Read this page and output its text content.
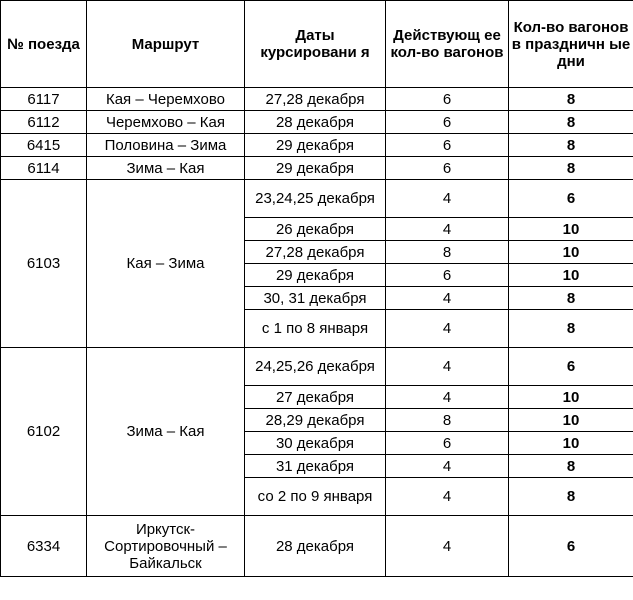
№ поезда	Маршрут	Даты курсировани я	Действующ ее кол-во вагонов	Кол-во вагонов в праздничн ые дни
6117	Кая – Черемхово	27,28 декабря	6	8
6112	Черемхово – Кая	28 декабря	6	8
6415	Половина – Зима	29 декабря	6	8
6114	Зима – Кая	29 декабря	6	8
6103	Кая – Зима	23,24,25 декабря	4	6
		26 декабря	4	10
		27,28 декабря	8	10
		29 декабря	6	10
		30, 31 декабря	4	8
		с 1 по 8 января	4	8
6102	Зима – Кая	24,25,26 декабря	4	6
		27 декабря	4	10
		28,29 декабря	8	10
		30 декабря	6	10
		31 декабря	4	8
		со 2 по 9 января	4	8
6334	Иркутск- Сортировочный – Байкальск	28 декабря	4	6
